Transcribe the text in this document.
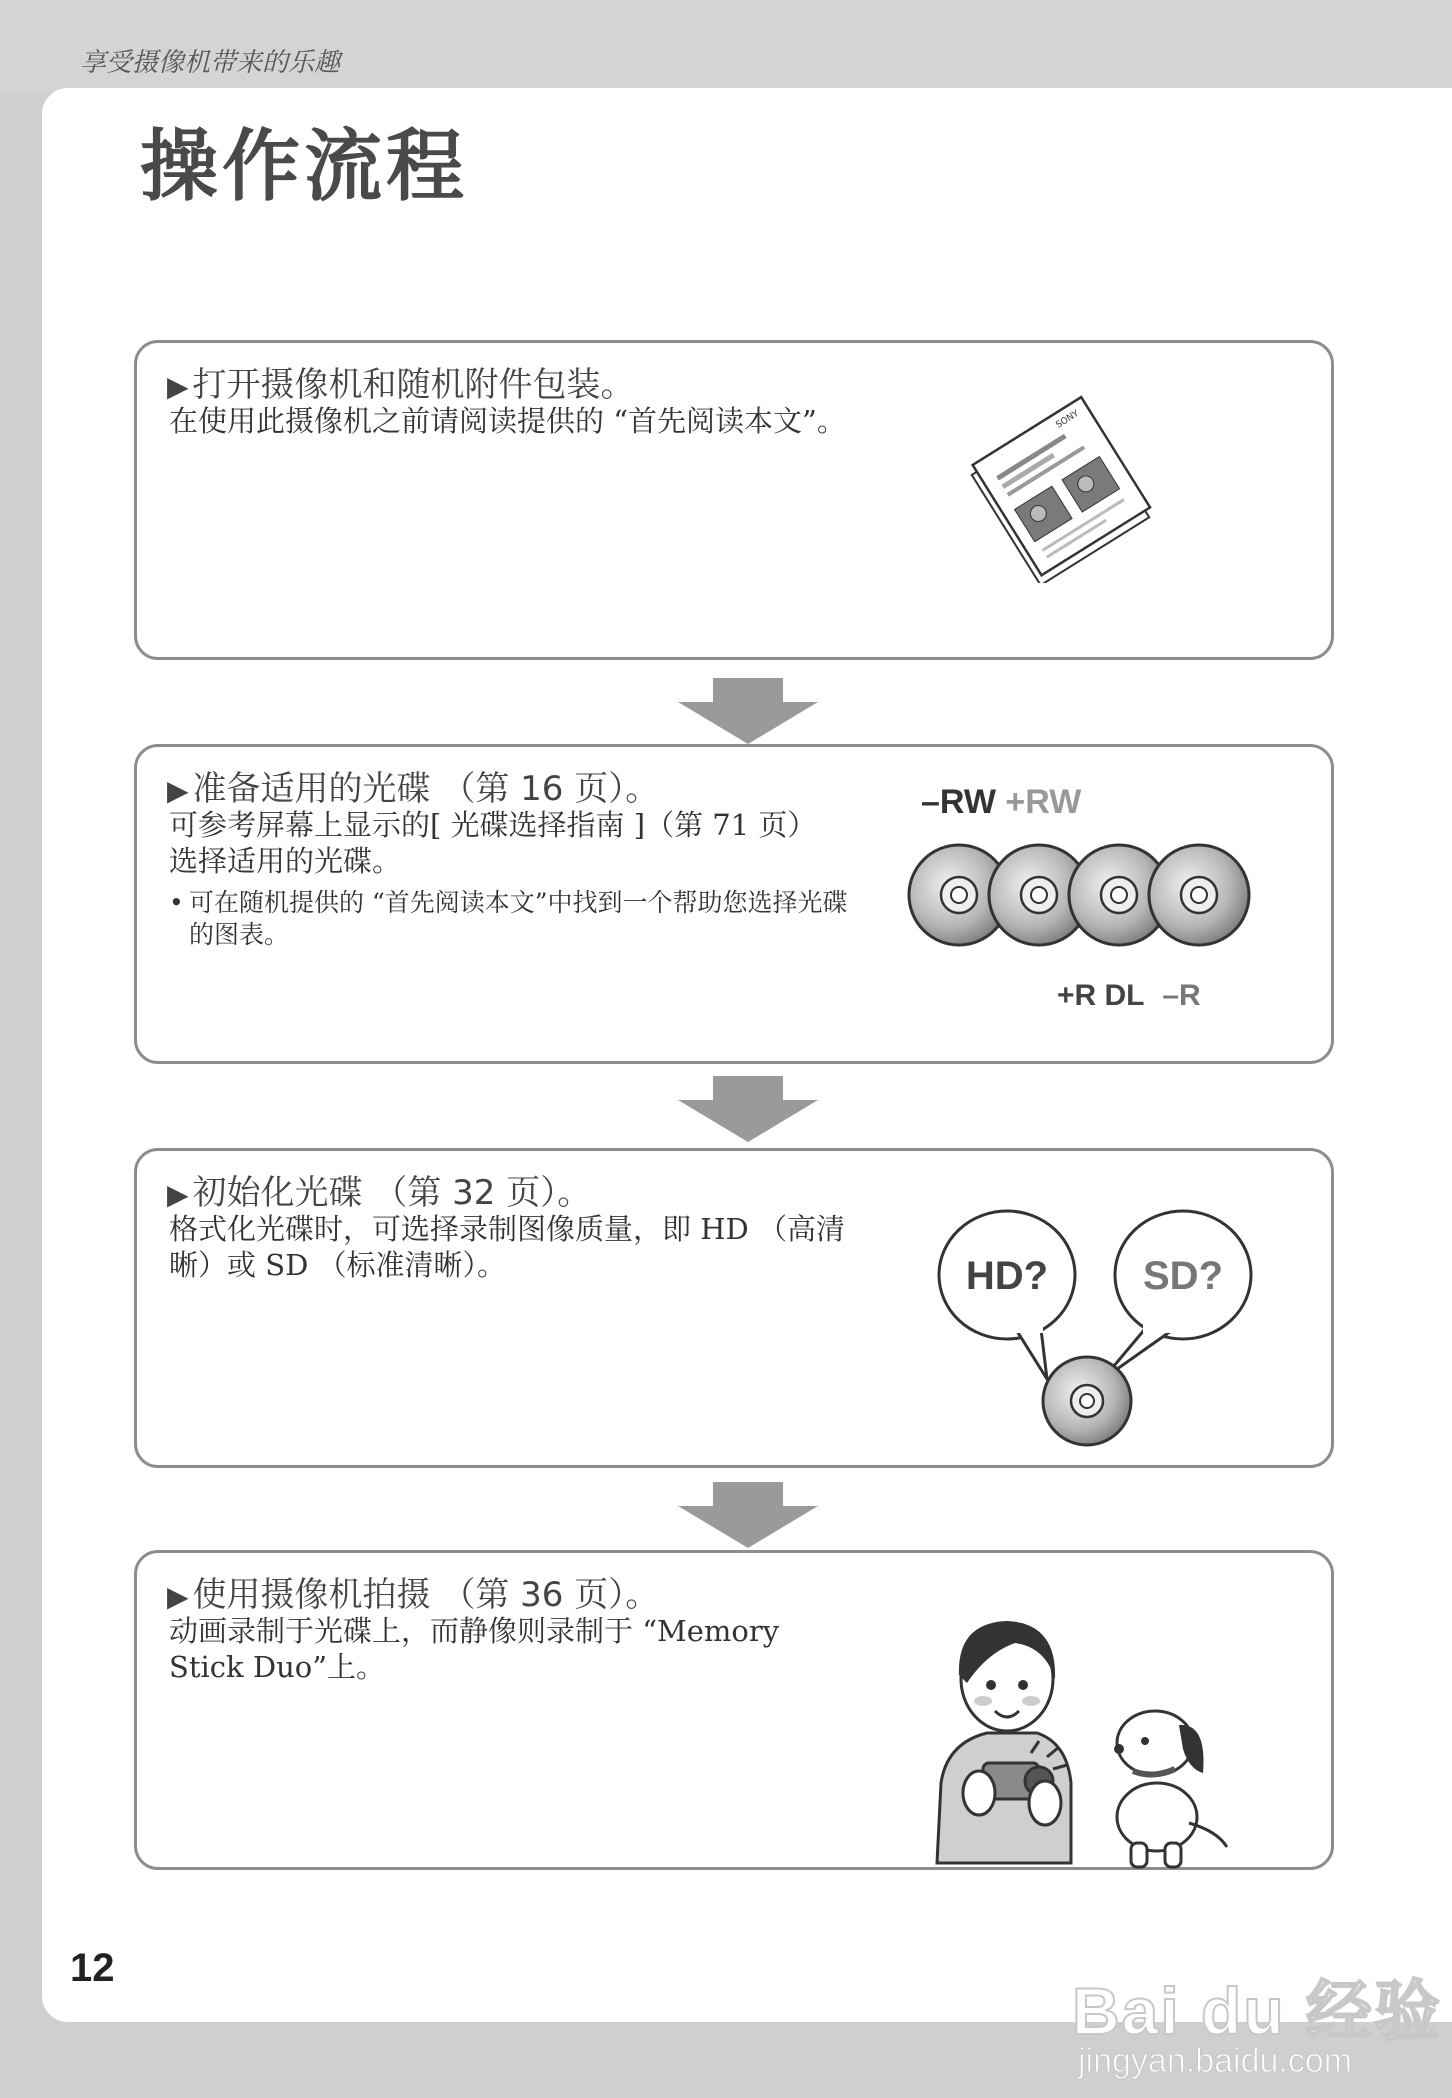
享受摄像机带来的乐趣
操作流程
▶ 打开摄像机和随机附件包装。
在使用此摄像机之前请阅读提供的 “首先阅读本文”。	SONY
▶ 准备适用的光碟 （第 16 页）。
可参考屏幕上显示的[ 光碟选择指南 ]（第 71 页）选择适用的光碟。
• 可在随机提供的 “首先阅读本文”中找到一个帮助您选择光碟的图表。
–RW +RW
+R DL –R
▶ 初始化光碟 （第 32 页）。
格式化光碟时，可选择录制图像质量，即 HD （高清晰）或 SD （标准清晰）。	HD? SD?
▶ 使用摄像机拍摄 （第 36 页）。
动画录制于光碟上，而静像则录制于 “Memory Stick Duo”上。
12
Bai du 经验
jingyan.baidu.com
